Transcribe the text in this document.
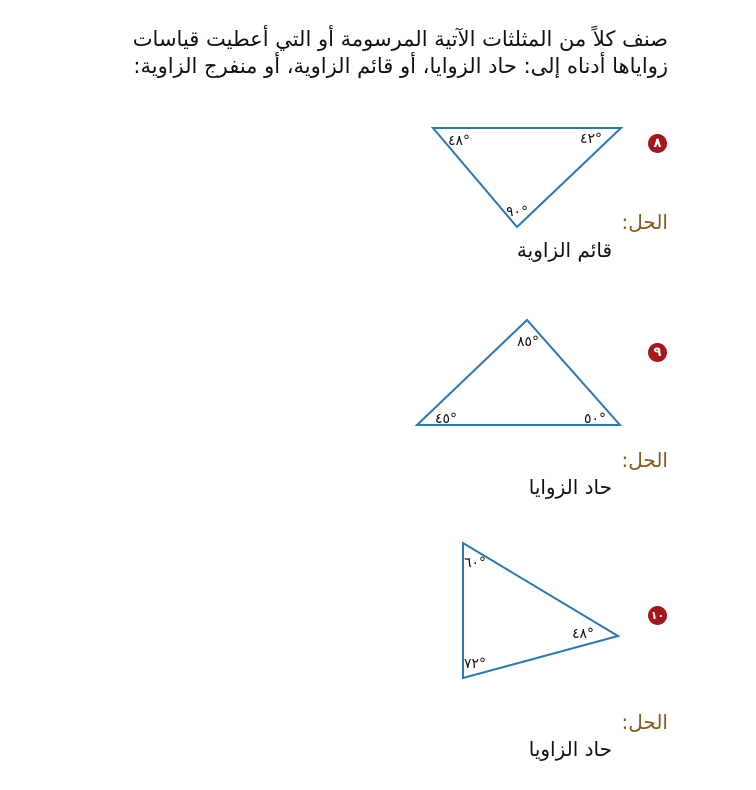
صنف كلاً من المثلثات الآتية المرسومة أو التي أعطيت قياسات
زواياها أدناه إلى: حاد الزوايا، أو قائم الزاوية، أو منفرج الزاوية:
٤٨°	٤٢°
٩٠°
٨٥°
٤٥°	٥٠°
٦٠°
٤٨°
٧٢°
٨
الحل:
قائم الزاوية
٩
الحل:
حاد الزوايا
١٠
الحل:
حاد الزاويا
